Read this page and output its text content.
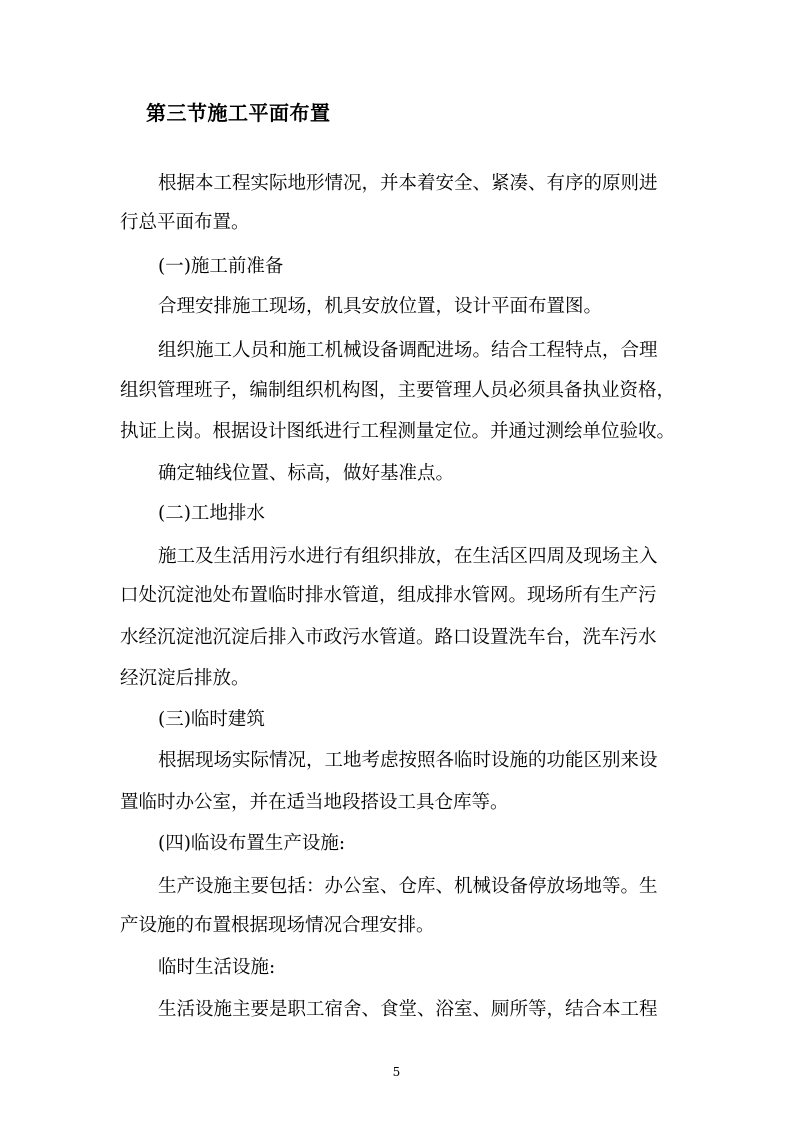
第三节施工平面布置
根据本工程实际地形情况，并本着安全、紧凑、有序的原则进
行总平面布置。
(一)施工前准备
合理安排施工现场，机具安放位置，设计平面布置图。
组织施工人员和施工机械设备调配进场。结合工程特点，合理
组织管理班子，编制组织机构图，主要管理人员必须具备执业资格，
执证上岗。根据设计图纸进行工程测量定位。并通过测绘单位验收。
确定轴线位置、标高，做好基准点。
(二)工地排水
施工及生活用污水进行有组织排放，在生活区四周及现场主入
口处沉淀池处布置临时排水管道，组成排水管网。现场所有生产污
水经沉淀池沉淀后排入市政污水管道。路口设置洗车台，洗车污水
经沉淀后排放。
(三)临时建筑
根据现场实际情况，工地考虑按照各临时设施的功能区别来设
置临时办公室，并在适当地段搭设工具仓库等。
(四)临设布置生产设施:
生产设施主要包括：办公室、仓库、机械设备停放场地等。生
产设施的布置根据现场情况合理安排。
临时生活设施:
生活设施主要是职工宿舍、食堂、浴室、厕所等，结合本工程
5
